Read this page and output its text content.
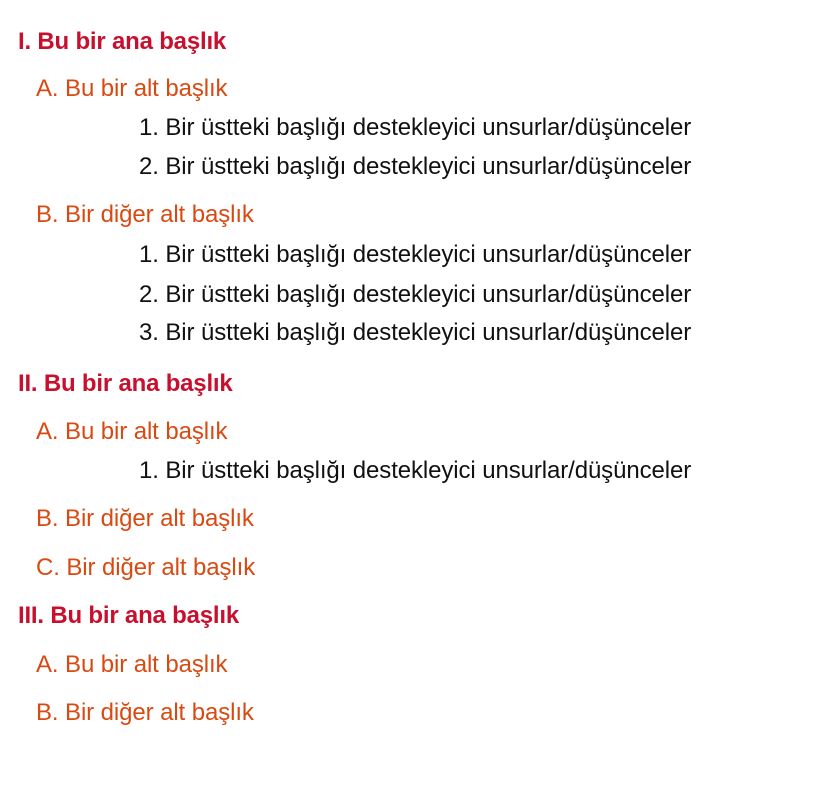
I. Bu bir ana başlık
A. Bu bir alt başlık
1. Bir üstteki başlığı destekleyici unsurlar/düşünceler
2. Bir üstteki başlığı destekleyici unsurlar/düşünceler
B. Bir diğer alt başlık
1. Bir üstteki başlığı destekleyici unsurlar/düşünceler
2. Bir üstteki başlığı destekleyici unsurlar/düşünceler
3. Bir üstteki başlığı destekleyici unsurlar/düşünceler
II. Bu bir ana başlık
A. Bu bir alt başlık
1. Bir üstteki başlığı destekleyici unsurlar/düşünceler
B. Bir diğer alt başlık
C. Bir diğer alt başlık
III. Bu bir ana başlık
A. Bu bir alt başlık
B. Bir diğer alt başlık
